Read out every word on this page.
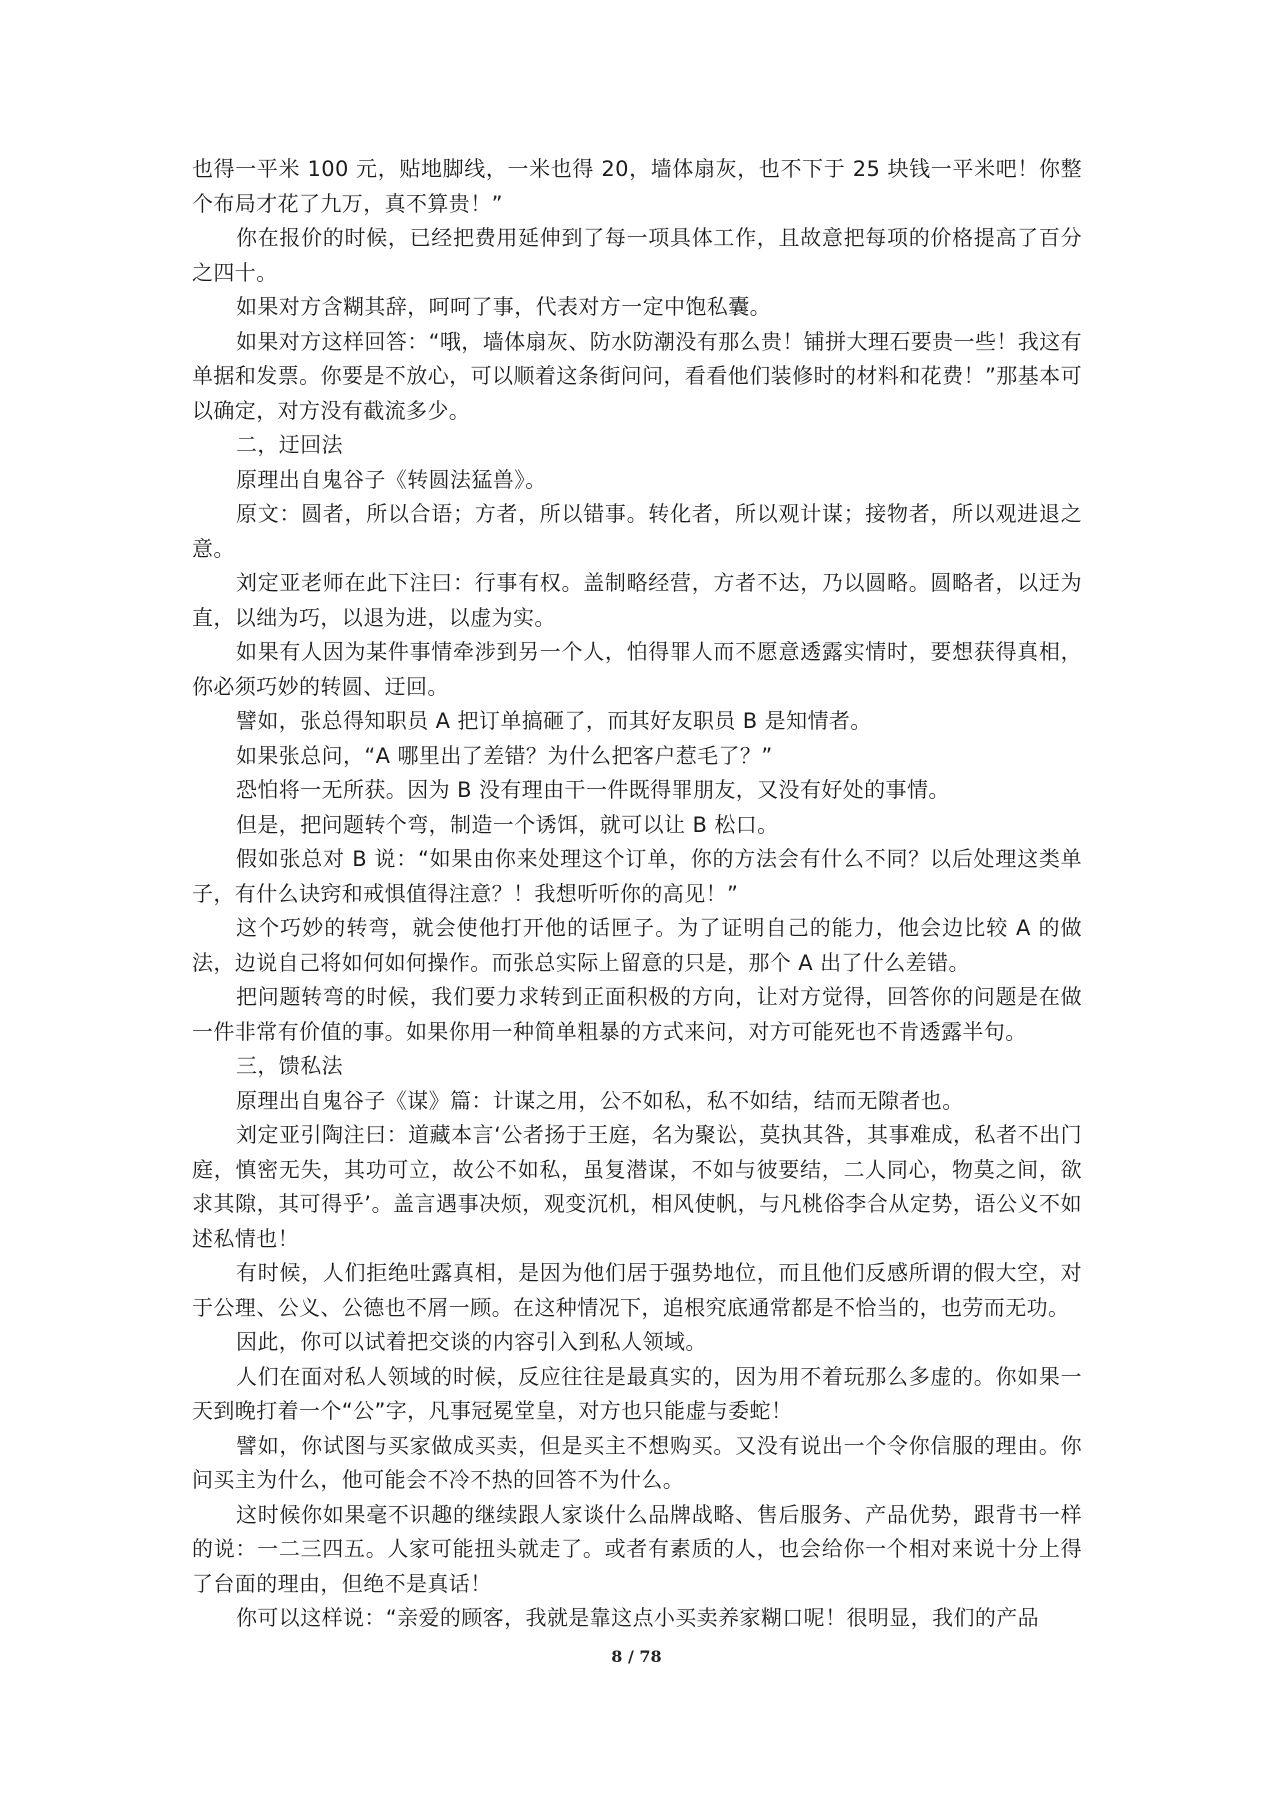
也得一平米 100 元，贴地脚线，一米也得 20，墙体扇灰，也不下于 25 块钱一平米吧！你整个布局才花了九万，真不算贵！”

你在报价的时候，已经把费用延伸到了每一项具体工作，且故意把每项的价格提高了百分之四十。

如果对方含糊其辞，呵呵了事，代表对方一定中饱私囊。

如果对方这样回答：“哦，墙体扇灰、防水防潮没有那么贵！铺拼大理石要贵一些！我这有单据和发票。你要是不放心，可以顺着这条街问问，看看他们装修时的材料和花费！”那基本可以确定，对方没有截流多少。

二，迂回法

原理出自鬼谷子《转圆法猛兽》。

原文：圆者，所以合语；方者，所以错事。转化者，所以观计谋；接物者，所以观进退之意。

刘定亚老师在此下注曰：行事有权。盖制略经营，方者不达，乃以圆略。圆略者，以迂为直，以绌为巧，以退为进，以虚为实。

如果有人因为某件事情牵涉到另一个人，怕得罪人而不愿意透露实情时，要想获得真相，你必须巧妙的转圆、迂回。

譬如，张总得知职员 A 把订单搞砸了，而其好友职员 B 是知情者。

如果张总问，“A 哪里出了差错？为什么把客户惹毛了？”

恐怕将一无所获。因为 B 没有理由干一件既得罪朋友，又没有好处的事情。

但是，把问题转个弯，制造一个诱饵，就可以让 B 松口。

假如张总对 B 说：“如果由你来处理这个订单，你的方法会有什么不同？以后处理这类单子，有什么诀窍和戒惧值得注意？！我想听听你的高见！”

这个巧妙的转弯，就会使他打开他的话匣子。为了证明自己的能力，他会边比较 A 的做法，边说自己将如何如何操作。而张总实际上留意的只是，那个 A 出了什么差错。

把问题转弯的时候，我们要力求转到正面积极的方向，让对方觉得，回答你的问题是在做一件非常有价值的事。如果你用一种简单粗暴的方式来问，对方可能死也不肯透露半句。

三，馈私法

原理出自鬼谷子《谋》篇：计谋之用，公不如私，私不如结，结而无隙者也。

刘定亚引陶注曰：道藏本言‘公者扬于王庭，名为聚讼，莫执其咎，其事难成，私者不出门庭，慎密无失，其功可立，故公不如私，虽复潜谋，不如与彼要结，二人同心，物莫之间，欲求其隙，其可得乎’。盖言遇事决烦，观变沉机，相风使帆，与凡桃俗李合从定势，语公义不如述私情也！

有时候，人们拒绝吐露真相，是因为他们居于强势地位，而且他们反感所谓的假大空，对于公理、公义、公德也不屑一顾。在这种情况下，追根究底通常都是不恰当的，也劳而无功。

因此，你可以试着把交谈的内容引入到私人领域。

人们在面对私人领域的时候，反应往往是最真实的，因为用不着玩那么多虚的。你如果一天到晚打着一个“公”字，凡事冠冕堂皇，对方也只能虚与委蛇！

譬如，你试图与买家做成买卖，但是买主不想购买。又没有说出一个令你信服的理由。你问买主为什么，他可能会不冷不热的回答不为什么。

这时候你如果毫不识趣的继续跟人家谈什么品牌战略、售后服务、产品优势，跟背书一样的说：一二三四五。人家可能扭头就走了。或者有素质的人，也会给你一个相对来说十分上得了台面的理由，但绝不是真话！

你可以这样说：“亲爱的顾客，我就是靠这点小买卖养家糊口呢！很明显，我们的产品

8 / 78
